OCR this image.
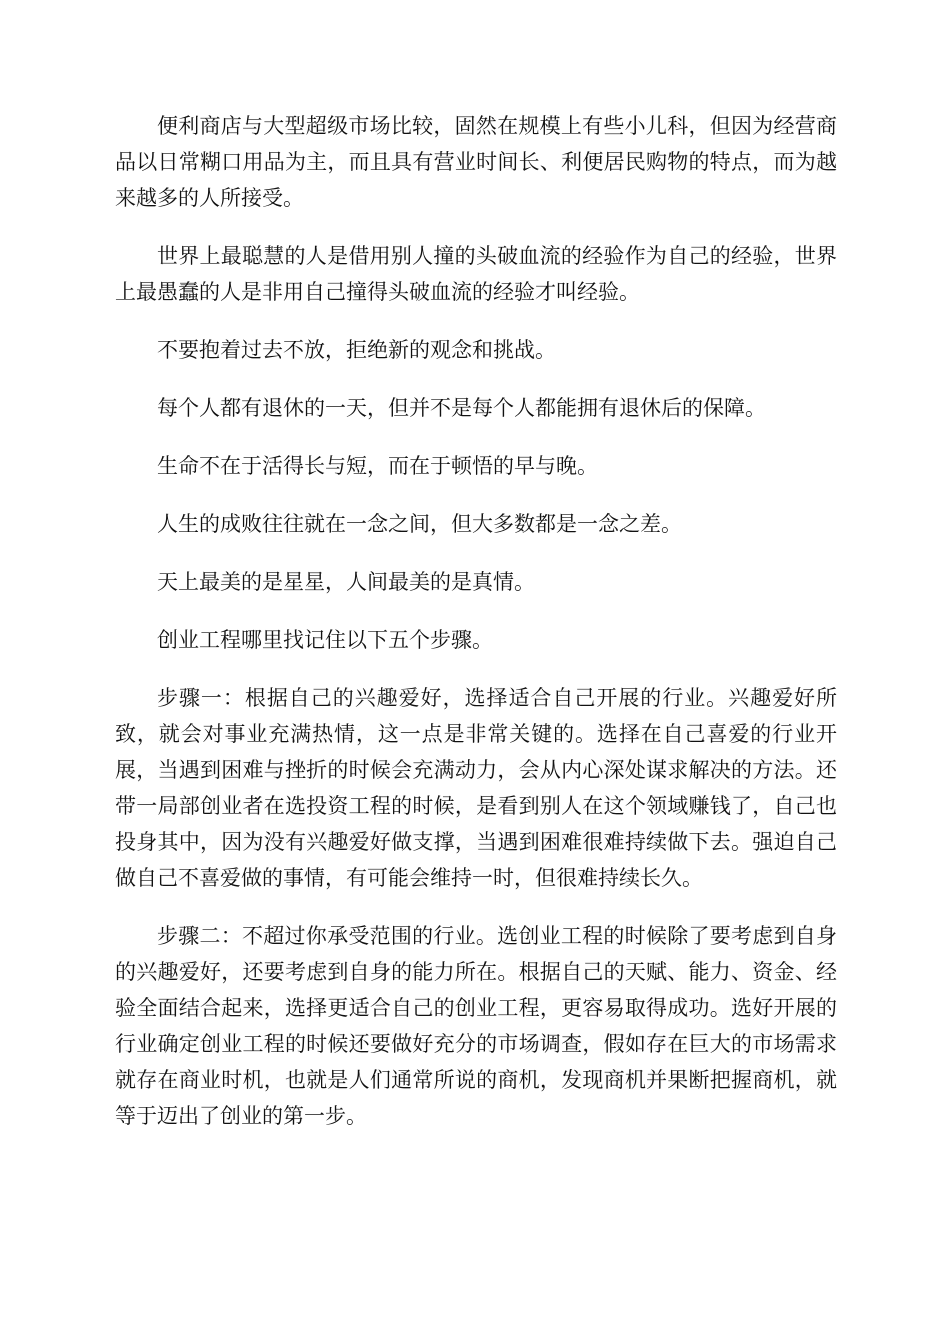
便利商店与大型超级市场比较，固然在规模上有些小儿科，但因为经营商品以日常糊口用品为主，而且具有营业时间长、利便居民购物的特点，而为越来越多的人所接受。

世界上最聪慧的人是借用别人撞的头破血流的经验作为自己的经验，世界上最愚蠢的人是非用自己撞得头破血流的经验才叫经验。

不要抱着过去不放，拒绝新的观念和挑战。

每个人都有退休的一天，但并不是每个人都能拥有退休后的保障。

生命不在于活得长与短，而在于顿悟的早与晚。

人生的成败往往就在一念之间，但大多数都是一念之差。

天上最美的是星星，人间最美的是真情。

创业工程哪里找记住以下五个步骤。

步骤一：根据自己的兴趣爱好，选择适合自己开展的行业。兴趣爱好所致，就会对事业充满热情，这一点是非常关键的。选择在自己喜爱的行业开展，当遇到困难与挫折的时候会充满动力，会从内心深处谋求解决的方法。还带一局部创业者在选投资工程的时候，是看到别人在这个领域赚钱了，自己也投身其中，因为没有兴趣爱好做支撑，当遇到困难很难持续做下去。强迫自己做自己不喜爱做的事情，有可能会维持一时，但很难持续长久。

步骤二：不超过你承受范围的行业。选创业工程的时候除了要考虑到自身的兴趣爱好，还要考虑到自身的能力所在。根据自己的天赋、能力、资金、经验全面结合起来，选择更适合自己的创业工程，更容易取得成功。选好开展的行业确定创业工程的时候还要做好充分的市场调查，假如存在巨大的市场需求就存在商业时机，也就是人们通常所说的商机，发现商机并果断把握商机，就等于迈出了创业的第一步。
